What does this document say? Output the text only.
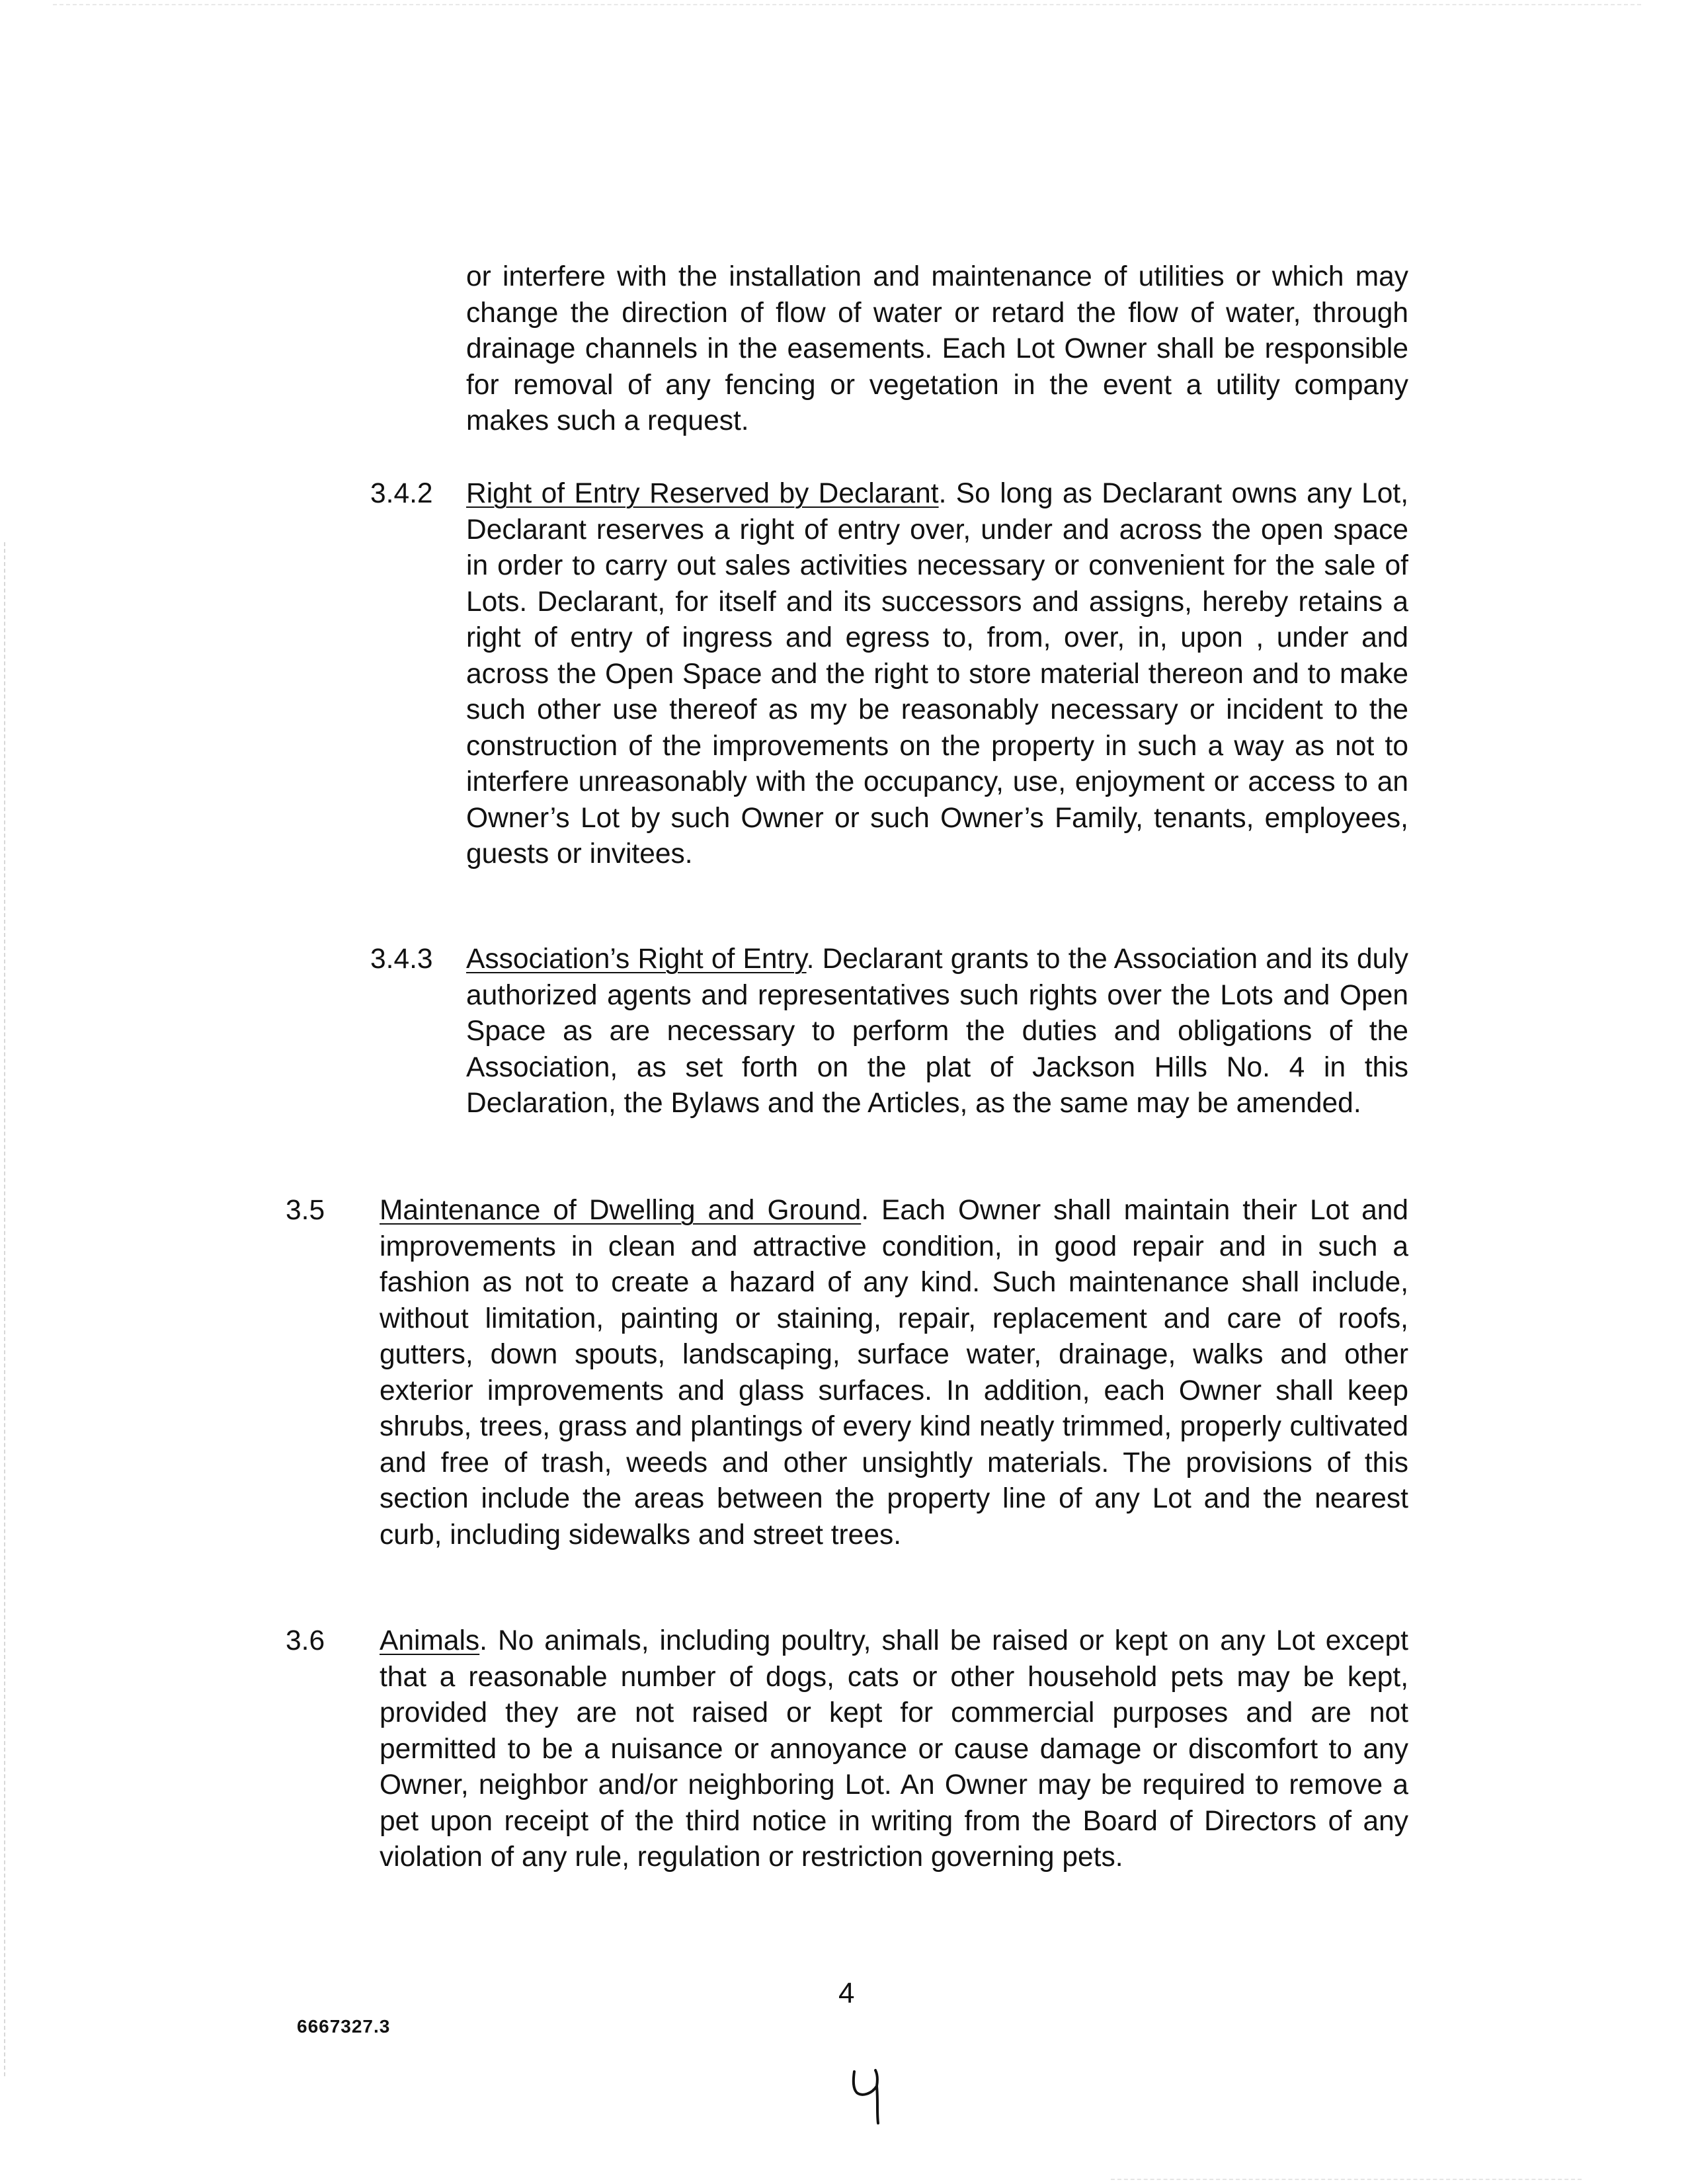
or interfere with the installation and maintenance of utilities or which may change the direction of flow of water or retard the flow of water, through drainage channels in the easements. Each Lot Owner shall be responsible for removal of any fencing or vegetation in the event a utility company makes such a request.

3.4.2 Right of Entry Reserved by Declarant. So long as Declarant owns any Lot, Declarant reserves a right of entry over, under and across the open space in order to carry out sales activities necessary or convenient for the sale of Lots. Declarant, for itself and its successors and assigns, hereby retains a right of entry of ingress and egress to, from, over, in, upon , under and across the Open Space and the right to store material thereon and to make such other use thereof as my be reasonably necessary or incident to the construction of the improvements on the property in such a way as not to interfere unreasonably with the occupancy, use, enjoyment or access to an Owner’s Lot by such Owner or such Owner’s Family, tenants, employees, guests or invitees.

3.4.3 Association’s Right of Entry. Declarant grants to the Association and its duly authorized agents and representatives such rights over the Lots and Open Space as are necessary to perform the duties and obligations of the Association, as set forth on the plat of Jackson Hills No. 4 in this Declaration, the Bylaws and the Articles, as the same may be amended.

3.5 Maintenance of Dwelling and Ground. Each Owner shall maintain their Lot and improvements in clean and attractive condition, in good repair and in such a fashion as not to create a hazard of any kind. Such maintenance shall include, without limitation, painting or staining, repair, replacement and care of roofs, gutters, down spouts, landscaping, surface water, drainage, walks and other exterior improvements and glass surfaces. In addition, each Owner shall keep shrubs, trees, grass and plantings of every kind neatly trimmed, properly cultivated and free of trash, weeds and other unsightly materials. The provisions of this section include the areas between the property line of any Lot and the nearest curb, including sidewalks and street trees.

3.6 Animals. No animals, including poultry, shall be raised or kept on any Lot except that a reasonable number of dogs, cats or other household pets may be kept, provided they are not raised or kept for commercial purposes and are not permitted to be a nuisance or annoyance or cause damage or discomfort to any Owner, neighbor and/or neighboring Lot. An Owner may be required to remove a pet upon receipt of the third notice in writing from the Board of Directors of any violation of any rule, regulation or restriction governing pets.

4
6667327.3
